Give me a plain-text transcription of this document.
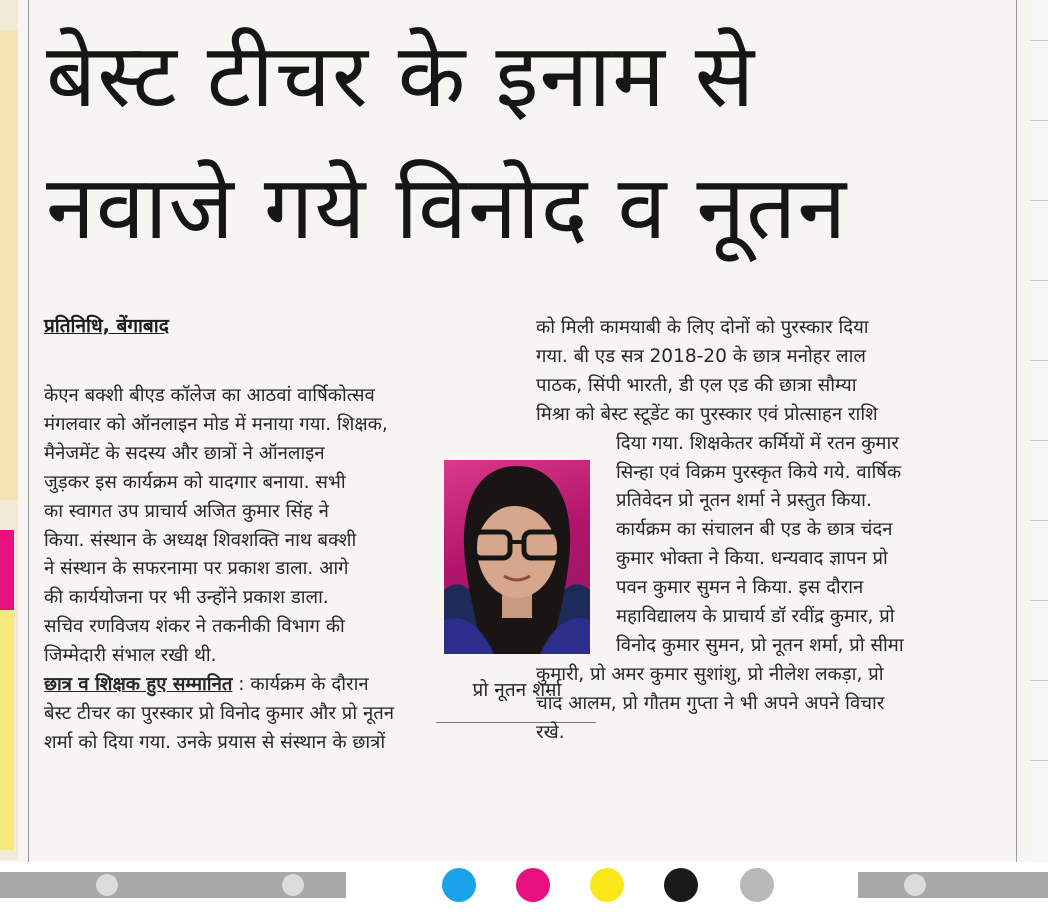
बेस्ट टीचर के इनाम से
नवाजे गये विनोद व नूतन
प्रतिनिधि, बेंगाबाद

केएन बक्शी बीएड कॉलेज का आठवां वार्षिकोत्सव
मंगलवार को ऑनलाइन मोड में मनाया गया. शिक्षक,
मैनेजमेंट के सदस्य और छात्रों ने ऑनलाइन
जुड़कर इस कार्यक्रम को यादगार बनाया. सभी
का स्वागत उप प्राचार्य अजित कुमार सिंह ने
किया. संस्थान के अध्यक्ष शिवशक्ति नाथ बक्शी
ने संस्थान के सफरनामा पर प्रकाश डाला. आगे
की कार्ययोजना पर भी उन्होंने प्रकाश डाला.
सचिव रणविजय शंकर ने तकनीकी विभाग की
जिम्मेदारी संभाल रखी थी.

छात्र व शिक्षक हुए सम्मानित : कार्यक्रम के दौरान
बेस्ट टीचर का पुरस्कार प्रो विनोद कुमार और प्रो नूतन
शर्मा को दिया गया. उनके प्रयास से संस्थान के छात्रों

प्रो नूतन शर्मा

को मिली कामयाबी के लिए दोनों को पुरस्कार दिया
गया. बी एड सत्र 2018-20 के छात्र मनोहर लाल
पाठक, सिंपी भारती, डी एल एड की छात्रा सौम्या
मिश्रा को बेस्ट स्टूडेंट का पुरस्कार एवं प्रोत्साहन राशि

दिया गया. शिक्षकेतर कर्मियों में रतन कुमार
सिन्हा एवं विक्रम पुरस्कृत किये गये. वार्षिक
प्रतिवेदन प्रो नूतन शर्मा ने प्रस्तुत किया.
कार्यक्रम का संचालन बी एड के छात्र चंदन
कुमार भोक्ता ने किया. धन्यवाद ज्ञापन प्रो
पवन कुमार सुमन ने किया. इस दौरान
महाविद्यालय के प्राचार्य डॉ रवींद्र कुमार, प्रो
विनोद कुमार सुमन, प्रो नूतन शर्मा, प्रो सीमा

कुमारी, प्रो अमर कुमार सुशांशु, प्रो नीलेश लकड़ा, प्रो
चांद आलम, प्रो गौतम गुप्ता ने भी अपने अपने विचार
रखे.
